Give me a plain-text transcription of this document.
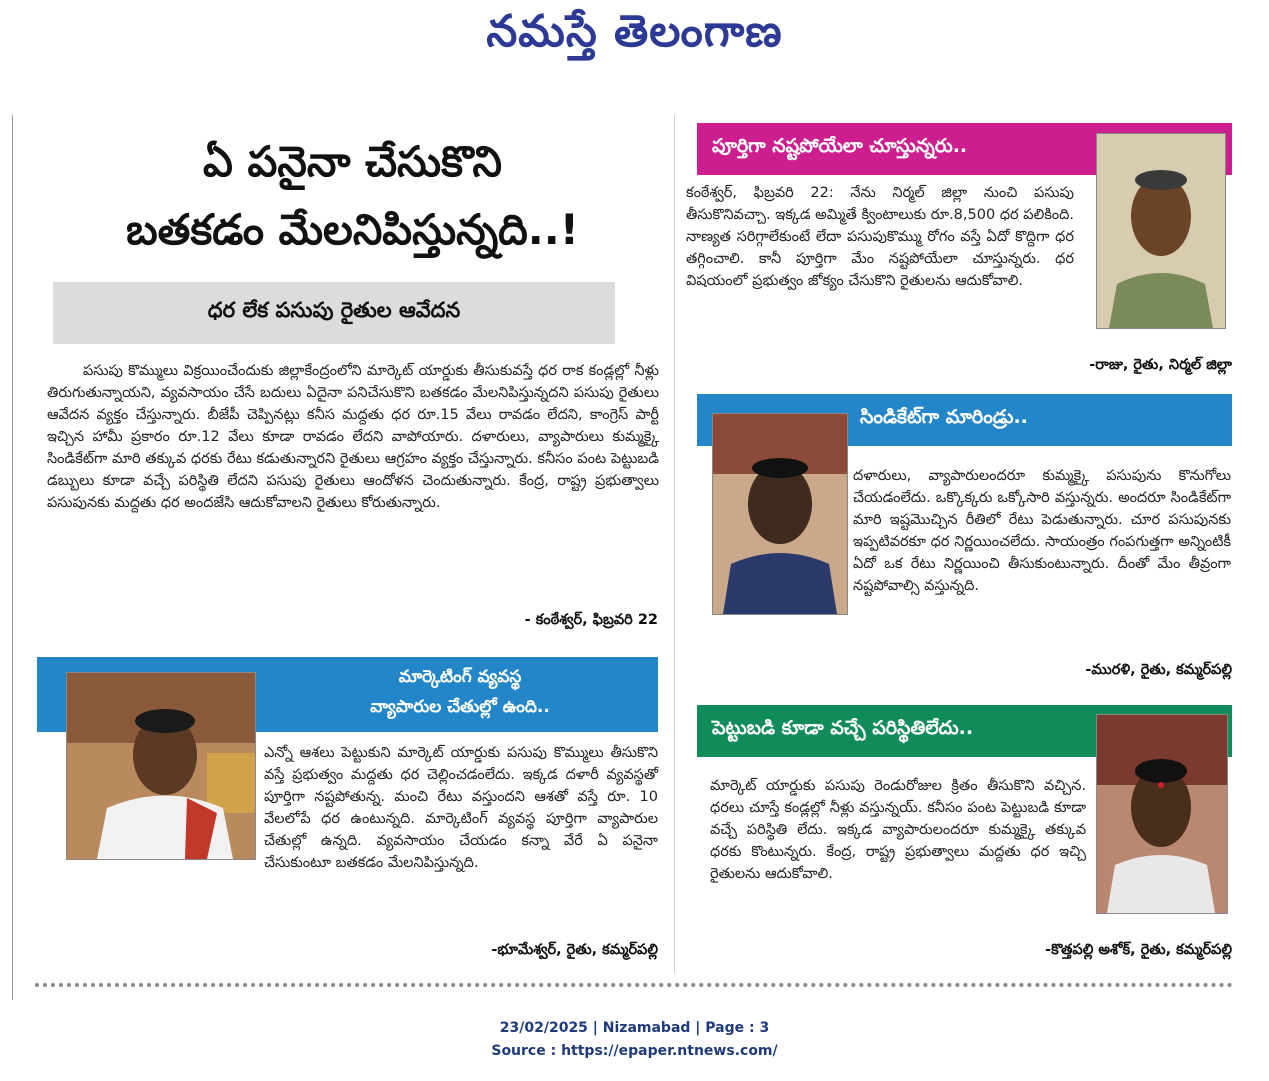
నమస్తే తెలంగాణ
ఏ పనైనా చేసుకొని
బతకడం మేలనిపిస్తున్నది..!
ధర లేక పసుపు రైతుల ఆవేదన

పసుపు కొమ్ములు విక్రయించేందుకు జిల్లాకేంద్రంలోని మార్కెట్ యార్డుకు తీసుకువస్తే ధర రాక కండ్లల్లో నీళ్లు తిరుగుతున్నాయని, వ్యవసాయం చేసే బదులు ఏదైనా పనిచేసుకొని బతకడం మేలనిపిస్తున్నదని పసుపు రైతులు ఆవేదన వ్యక్తం చేస్తున్నారు. బీజేపీ చెప్పినట్లు కనీస మద్దతు ధర రూ.15 వేలు రావడం లేదని, కాంగ్రెస్ పార్టీ ఇచ్చిన హామీ ప్రకారం రూ.12 వేలు కూడా రావడం లేదని వాపోయారు. దళారులు, వ్యాపారులు కుమ్మక్కై సిండికేట్‌గా మారి తక్కువ ధరకు రేటు కడుతున్నారని రైతులు ఆగ్రహం వ్యక్తం చేస్తున్నారు. కనీసం పంట పెట్టుబడి డబ్బులు కూడా వచ్చే పరిస్థితి లేదని పసుపు రైతులు ఆందోళన చెందుతున్నారు. కేంద్ర, రాష్ట్ర ప్రభుత్వాలు పసుపునకు మద్దతు ధర అందజేసి ఆదుకోవాలని రైతులు కోరుతున్నారు.

- కంఠేశ్వర్, ఫిబ్రవరి 22
మార్కెటింగ్ వ్యవస్థ
వ్యాపారుల చేతుల్లో ఉంది..

ఎన్నో ఆశలు పెట్టుకుని మార్కెట్ యార్డుకు పసుపు కొమ్ములు తీసుకొని వస్తే ప్రభుత్వం మద్దతు ధర చెల్లించడంలేదు. ఇక్కడ దళారీ వ్యవస్థతో పూర్తిగా నష్టపోతున్న. మంచి రేటు వస్తుందని ఆశతో వస్తే రూ. 10 వేలలోపే ధర ఉంటున్నది. మార్కెటింగ్ వ్యవస్థ పూర్తిగా వ్యాపారుల చేతుల్లో ఉన్నది. వ్యవసాయం చేయడం కన్నా వేరే ఏ పనైనా చేసుకుంటూ బతకడం మేలనిపిస్తున్నది.

-భూమేశ్వర్, రైతు, కమ్మర్‌పల్లి
పూర్తిగా నష్టపోయేలా చూస్తున్నరు..

కంఠేశ్వర్, ఫిబ్రవరి 22: నేను నిర్మల్ జిల్లా నుంచి పసుపు తీసుకొనివచ్చా. ఇక్కడ అమ్మితే క్వింటాలుకు రూ.8,500 ధర పలికింది. నాణ్యత సరిగ్గాలేకుంటే లేదా పసుపుకొమ్ము రోగం వస్తే ఏదో కొద్దిగా ధర తగ్గించాలి. కానీ పూర్తిగా మేం నష్టపోయేలా చూస్తున్నరు. ధర విషయంలో ప్రభుత్వం జోక్యం చేసుకొని రైతులను ఆదుకోవాలి.

-రాజు, రైతు, నిర్మల్ జిల్లా
సిండికేట్‌గా మారిండ్రు..

దళారులు, వ్యాపారులందరూ కుమ్మక్కై పసుపును కొనుగోలు చేయడంలేదు. ఒక్కొక్కరు ఒక్కోసారి వస్తున్నరు. అందరూ సిండికేట్‌గా మారి ఇష్టమొచ్చిన రీతిలో రేటు పెడుతున్నారు. చూర పసుపునకు ఇప్పటివరకూ ధర నిర్ణయించలేదు. సాయంత్రం గంపగుత్తగా అన్నింటికీ ఏదో ఒక రేటు నిర్ణయించి తీసుకుంటున్నారు. దీంతో మేం తీవ్రంగా నష్టపోవాల్సి వస్తున్నది.

-మురళి, రైతు, కమ్మర్‌పల్లి
పెట్టుబడి కూడా వచ్చే పరిస్థితిలేదు..

మార్కెట్ యార్డుకు పసుపు రెండురోజుల క్రితం తీసుకొని వచ్చిన. ధరలు చూస్తే కండ్లల్లో నీళ్లు వస్తున్నయ్. కనీసం పంట పెట్టుబడి కూడా వచ్చే పరిస్థితి లేదు. ఇక్కడ వ్యాపారులందరూ కుమ్మక్కై తక్కువ ధరకు కొంటున్నరు. కేంద్ర, రాష్ట్ర ప్రభుత్వాలు మద్దతు ధర ఇచ్చి రైతులను ఆదుకోవాలి.

-కొత్తపల్లి అశోక్, రైతు, కమ్మర్‌పల్లి
23/02/2025 | Nizamabad | Page : 3
Source : https://epaper.ntnews.com/
